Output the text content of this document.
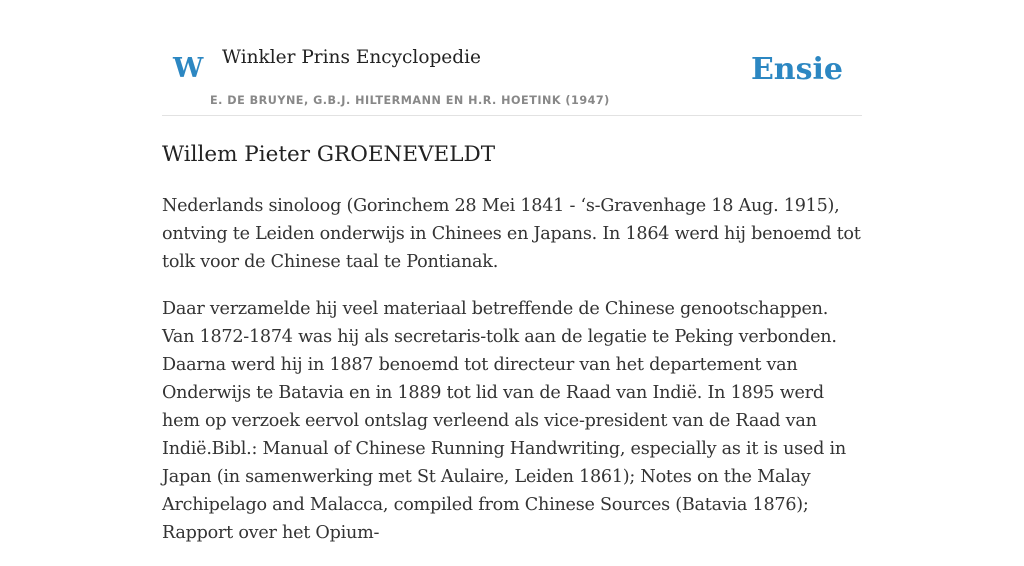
W Winkler Prins Encyclopedie
E. DE BRUYNE, G.B.J. HILTERMANN EN H.R. HOETINK (1947)
Ensie
Willem Pieter GROENEVELDT

Nederlands sinoloog (Gorinchem 28 Mei 1841 - ‘s-Gravenhage 18 Aug. 1915), ontving te Leiden onderwijs in Chinees en Japans. In 1864 werd hij benoemd tot tolk voor de Chinese taal te Pontianak.

Daar verzamelde hij veel materiaal betreffende de Chinese genootschappen. Van 1872-1874 was hij als secretaris-tolk aan de legatie te Peking verbonden. Daarna werd hij in 1887 benoemd tot directeur van het departement van Onderwijs te Batavia en in 1889 tot lid van de Raad van Indië. In 1895 werd hem op verzoek eervol ontslag verleend als vice-president van de Raad van Indië.Bibl.: Manual of Chinese Running Handwriting, especially as it is used in Japan (in samenwerking met St Aulaire, Leiden 1861); Notes on the Malay Archipelago and Malacca, compiled from Chinese Sources (Batavia 1876); Rapport over het Opium-
